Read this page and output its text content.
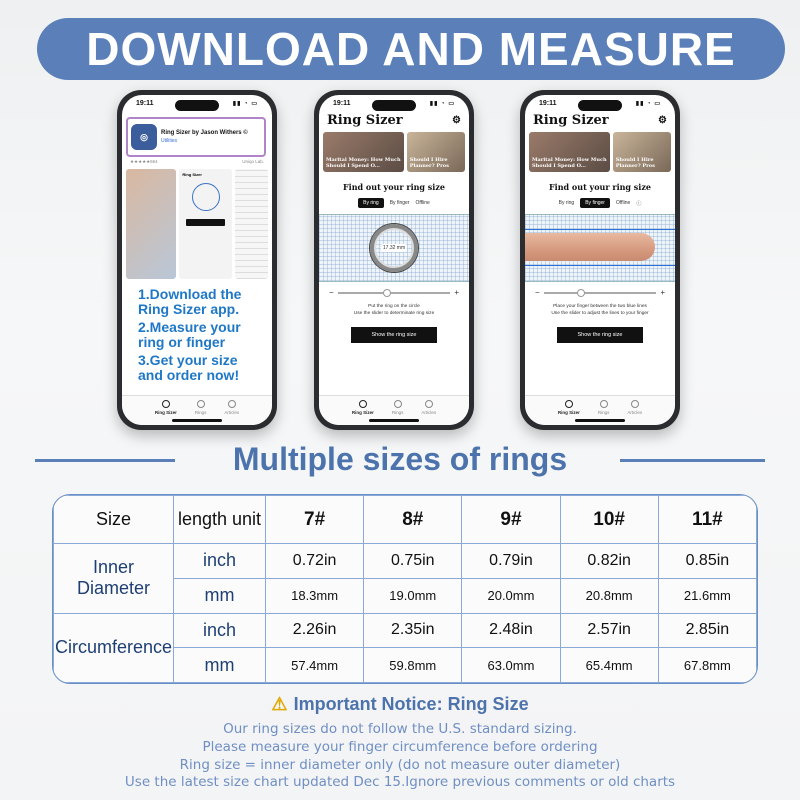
DOWNLOAD AND MEASURE
19:11	▮▮ ◔ ▭
◎	Ring Sizer by Jason Withers ©
Utilities
★★★★★664	Uniqo Lab.
Ring Sizer
1.Download the Ring Sizer app.
2.Measure your ring or finger
3.Get your size and order now!
Ring Sizer	Rings	Articles
19:11	▮▮ ◔ ▭
Ring Sizer	⚙
Marital Money: How Much Should I Spend O...
Should I Hire Planner? Pros
Find out your ring size
By ring	By finger Offline
17.32 mm
−	+
Put the ring on the circle
Use the slider to determinate ring size
Show the ring size
Ring Sizer	Rings	Articles
19:11	▮▮ ◔ ▭
Ring Sizer	⚙
Marital Money: How Much Should I Spend O...
Should I Hire Planner? Pros
Find out your ring size
By ring	By finger	Offline ⓘ
−	+
Place your finger between the two blue lines
Use the slider to adjust the lines to your finger
Show the ring size
Ring Sizer	Rings	Articles
Multiple sizes of rings
Size	length unit	7#	8#	9#	10#	11#
Inner Diameter	inch	0.72in	0.75in	0.79in	0.82in	0.85in
	mm	18.3mm	19.0mm	20.0mm	20.8mm	21.6mm
Circumference	inch	2.26in	2.35in	2.48in	2.57in	2.85in
	mm	57.4mm	59.8mm	63.0mm	65.4mm	67.8mm
⚠ Important Notice: Ring Size
Our ring sizes do not follow the U.S. standard sizing.
Please measure your finger circumference before ordering
Ring size = inner diameter only (do not measure outer diameter)
Use the latest size chart updated Dec 15.Ignore previous comments or old charts
